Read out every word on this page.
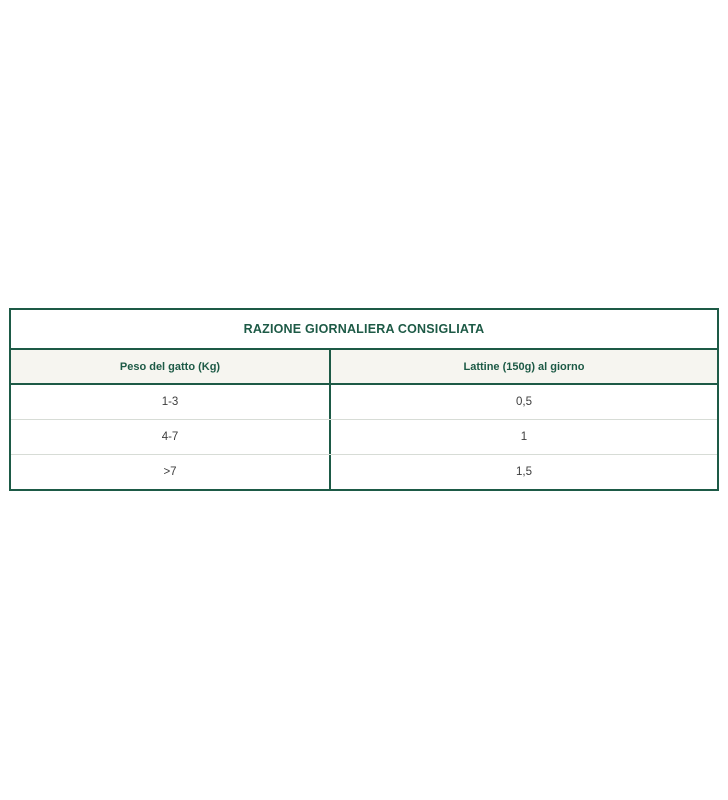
RAZIONE GIORNALIERA CONSIGLIATA
Peso del gatto (Kg)	Lattine (150g) al giorno
1-3	0,5
4-7	1
>7	1,5
